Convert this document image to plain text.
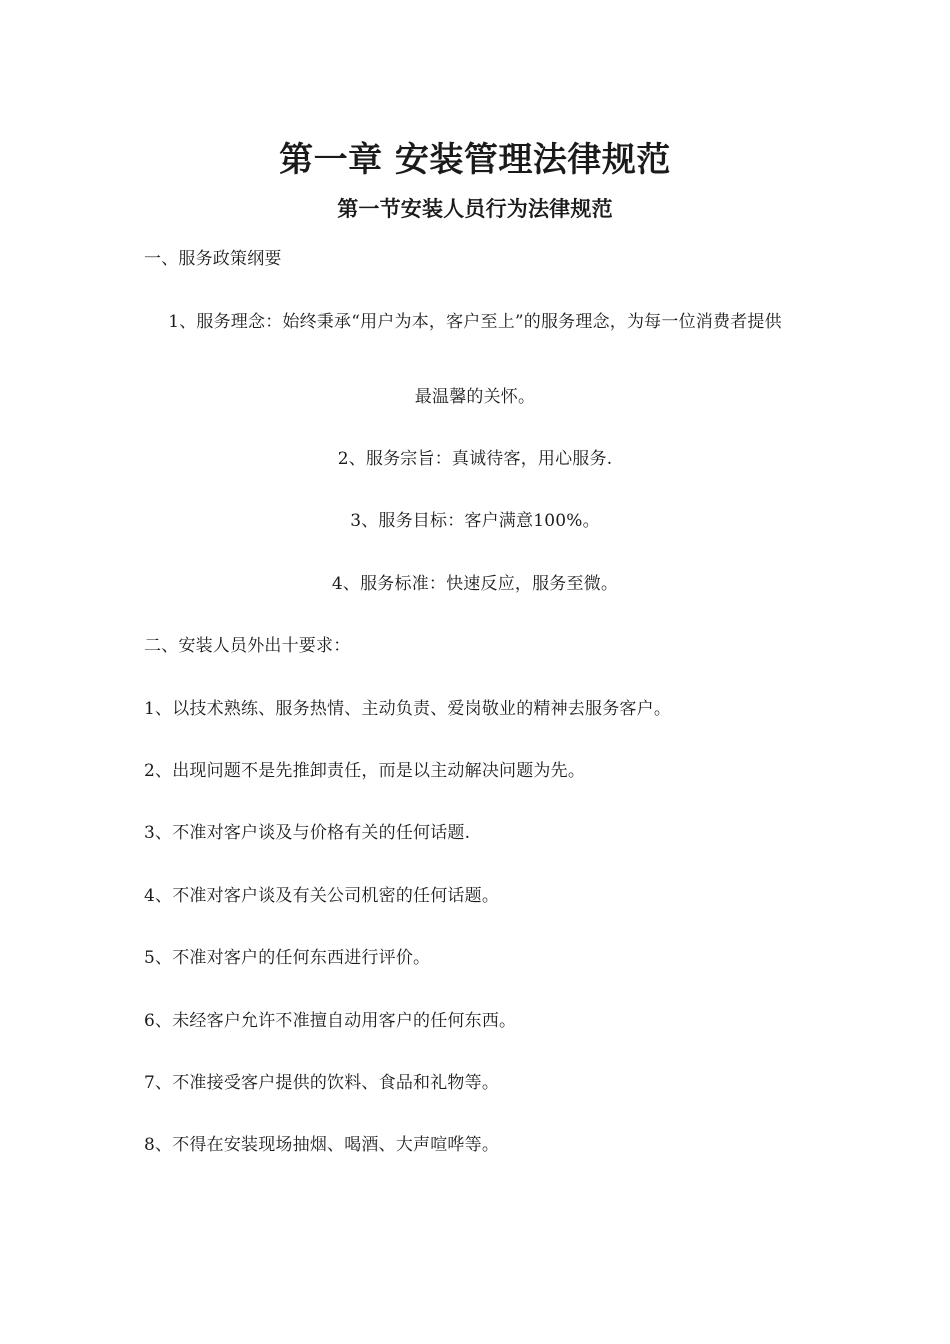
第一章 安装管理法律规范
第一节安装人员行为法律规范
一、服务政策纲要
1、服务理念：始终秉承“用户为本，客户至上”的服务理念，为每一位消费者提供
最温馨的关怀。
2、服务宗旨：真诚待客，用心服务.
3、服务目标：客户满意100%。
4、服务标准：快速反应，服务至微。
二、安装人员外出十要求：
1、以技术熟练、服务热情、主动负责、爱岗敬业的精神去服务客户。
2、出现问题不是先推卸责任，而是以主动解决问题为先。
3、不准对客户谈及与价格有关的任何话题.
4、不准对客户谈及有关公司机密的任何话题。
5、不准对客户的任何东西进行评价。
6、未经客户允许不准擅自动用客户的任何东西。
7、不准接受客户提供的饮料、食品和礼物等。
8、不得在安装现场抽烟、喝酒、大声喧哗等。
